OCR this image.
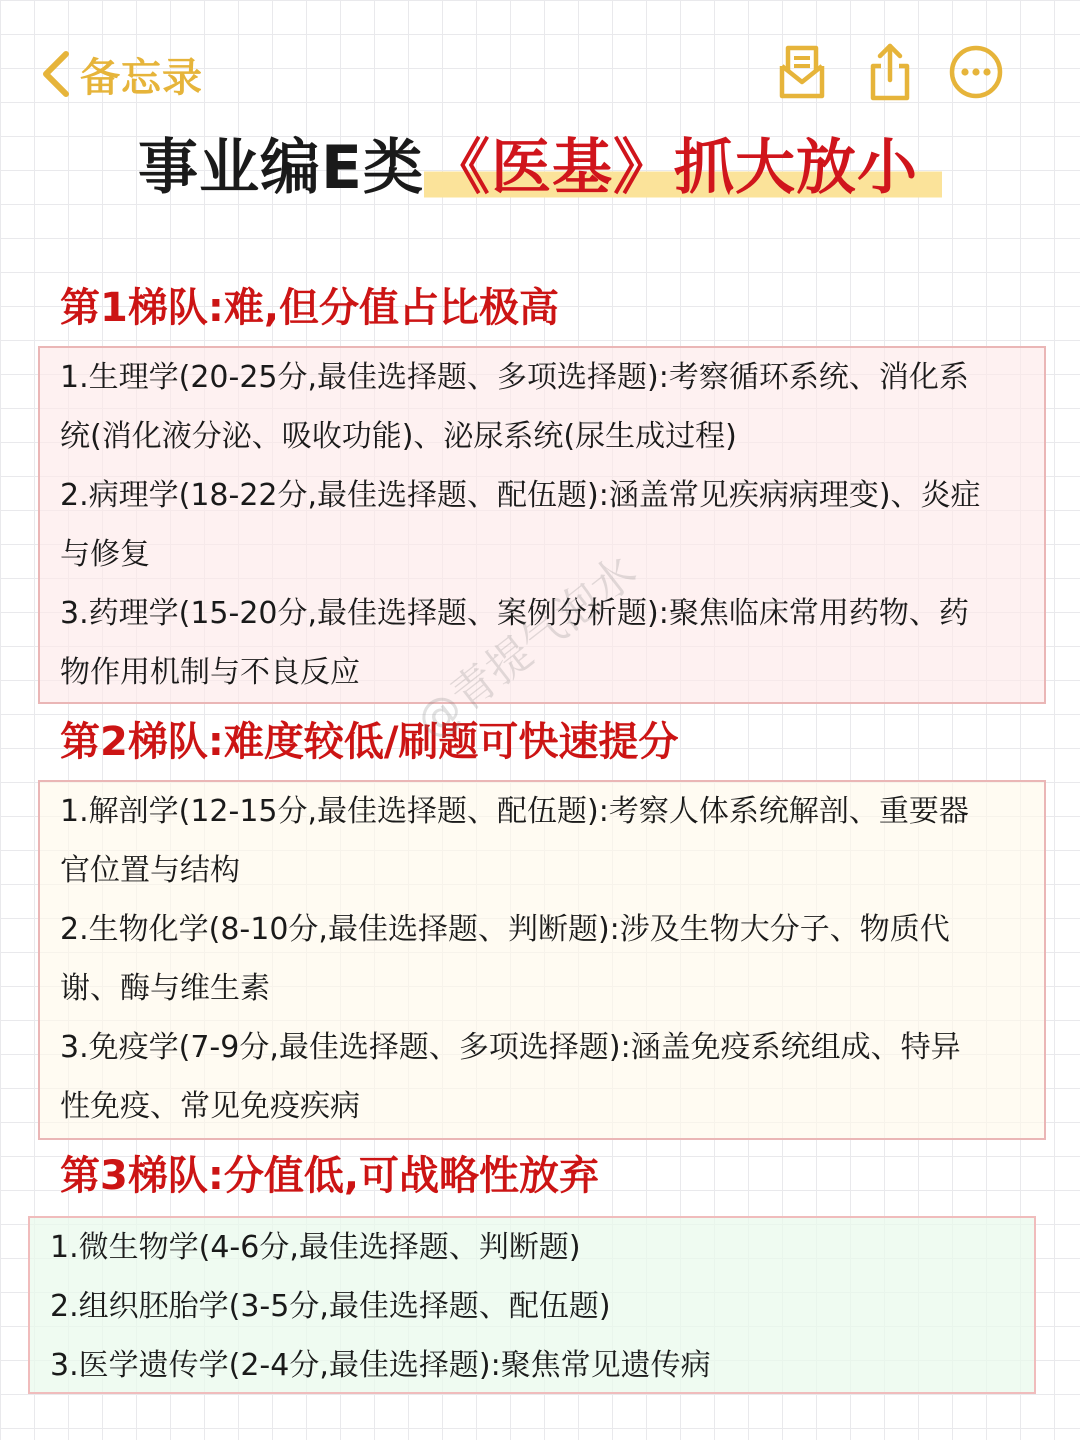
备忘录
事业编E类 《医基》抓大放小
第1梯队:难,但分值占比极高

1.生理学(20-25分,最佳选择题、多项选择题):考察循环系统、消化系统(消化液分泌、吸收功能)、泌尿系统(尿生成过程)

2.病理学(18-22分,最佳选择题、配伍题):涵盖常见疾病病理变)、炎症与修复

3.药理学(15-20分,最佳选择题、案例分析题):聚焦临床常用药物、药物作用机制与不良反应

第2梯队:难度较低/刷题可快速提分

1.解剖学(12-15分,最佳选择题、配伍题):考察人体系统解剖、重要器官位置与结构

2.生物化学(8-10分,最佳选择题、判断题):涉及生物大分子、物质代谢、酶与维生素

3.免疫学(7-9分,最佳选择题、多项选择题):涵盖免疫系统组成、特异性免疫、常见免疫疾病

第3梯队:分值低,可战略性放弃

1.微生物学(4-6分,最佳选择题、判断题)

2.组织胚胎学(3-5分,最佳选择题、配伍题)

3.医学遗传学(2-4分,最佳选择题):聚焦常见遗传病

@青提气泡水
